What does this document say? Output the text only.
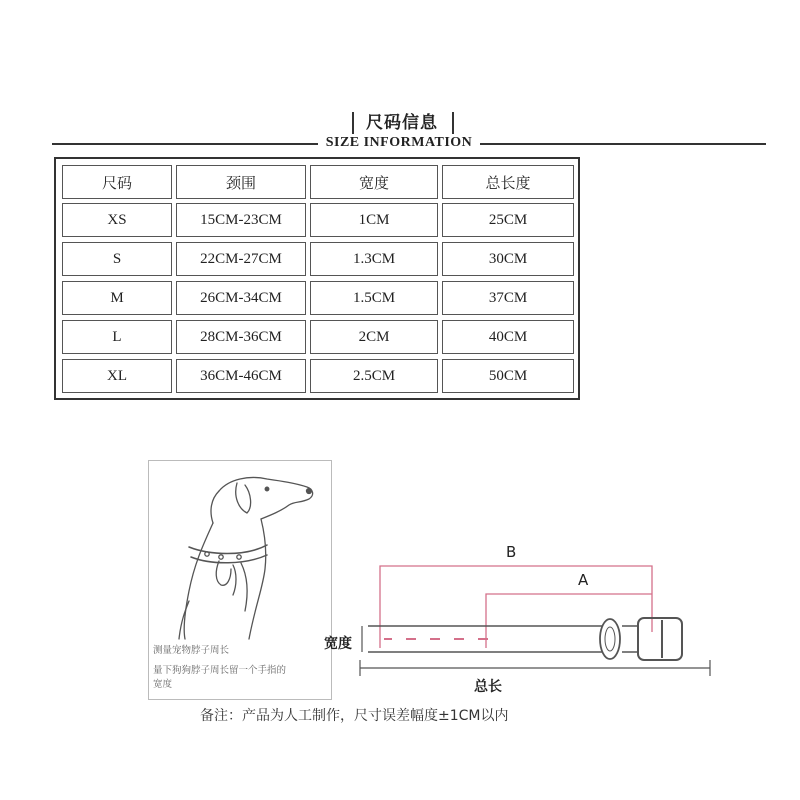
尺码信息
SIZE INFORMATION
尺码	颈围	宽度	总长度
XS	15CM-23CM	1CM	25CM
S	22CM-27CM	1.3CM	30CM
M	26CM-34CM	1.5CM	37CM
L	28CM-36CM	2CM	40CM
XL	36CM-46CM	2.5CM	50CM
测量宠物脖子周长
量下狗狗脖子周长留一个手指的
宽度
B
A
宽度
总长
备注：产品为人工制作，尺寸误差幅度±1CM以内
